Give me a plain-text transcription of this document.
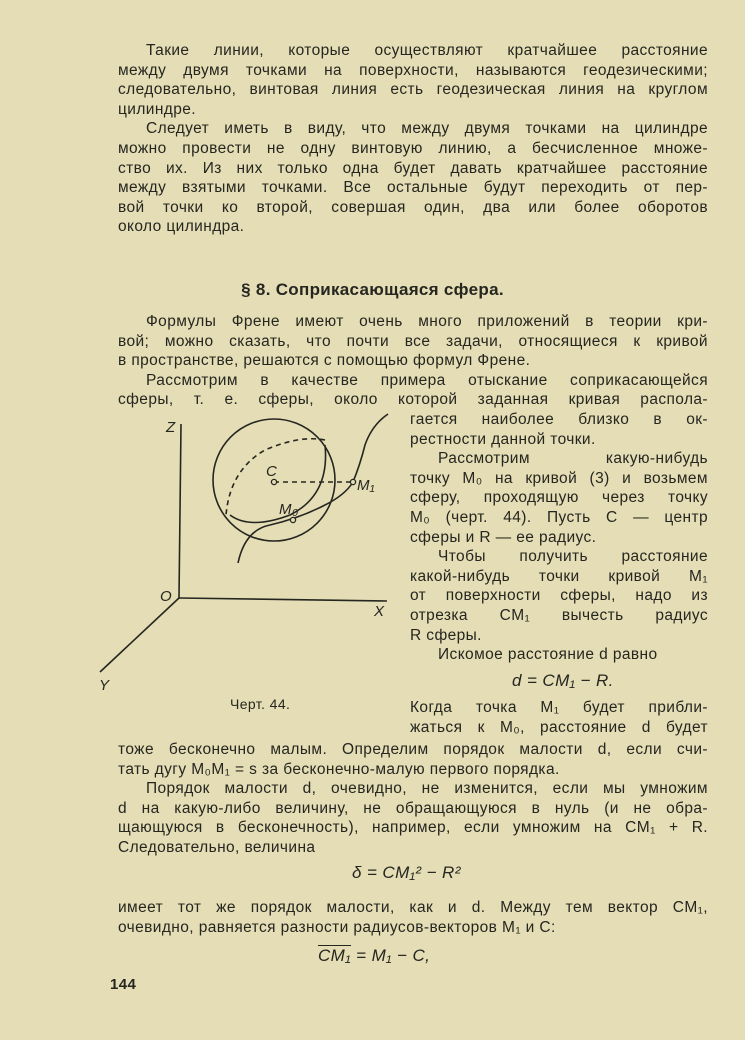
Такие линии, которые осуществляют кратчайшее расстояние
между двумя точками на поверхности, называются геодезическими;
следовательно, винтовая линия есть геодезическая линия на круглом
цилиндре.
Следует иметь в виду, что между двумя точками на цилиндре
можно провести не одну винтовую линию, а бесчисленное множе-
ство их. Из них только одна будет давать кратчайшее расстояние
между взятыми точками. Все остальные будут переходить от пер-
вой точки ко второй, совершая один, два или более оборотов
около цилиндра.
§ 8. Соприкасающаяся сфера.
Формулы Френе имеют очень много приложений в теории кри-
вой; можно сказать, что почти все задачи, относящиеся к кривой
в пространстве, решаются с помощью формул Френе.
Рассмотрим в качестве примера отыскание соприкасающейся
сферы, т. е. сферы, около которой заданная кривая распола-
гается наиболее близко в ок-
рестности данной точки.
Рассмотрим какую-нибудь
точку M₀ на кривой (3) и возьмем
сферу, проходящую через точку
M₀ (черт. 44). Пусть C — центр
сферы и R — ее радиус.
Чтобы получить расстояние
какой-нибудь точки кривой M₁
от поверхности сферы, надо из
отрезка CM₁ вычесть радиус
R сферы.
Искомое расстояние d равно
d = CM₁ − R.
Когда точка M₁ будет прибли-
жаться к M₀, расстояние d будет
тоже бесконечно малым. Определим порядок малости d, если счи-
тать дугу M₀M₁ = s за бесконечно-малую первого порядка.
Порядок малости d, очевидно, не изменится, если мы умножим
d на какую-либо величину, не обращающуюся в нуль (и не обра-
щающуюся в бесконечность), например, если умножим на CM₁ + R.
Следовательно, величина
δ = CM₁² − R²
имеет тот же порядок малости, как и d. Между тем вектор CM₁,
очевидно, равняется разности радиусов-векторов M₁ и C:
CM₁ = M₁ − C,
Z
X
Y
O
C
M₀
M₁
Черт. 44.
144
